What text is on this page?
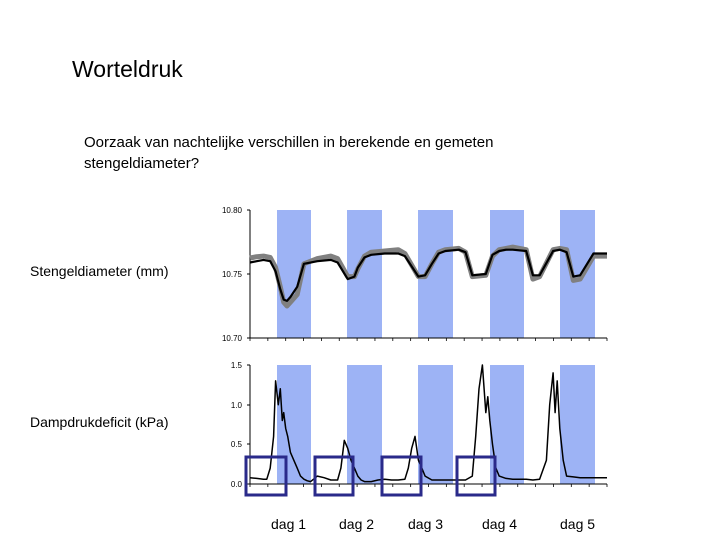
Worteldruk
Oorzaak van nachtelijke verschillen in berekende en gemeten stengeldiameter?
Stengeldiameter (mm)
Dampdrukdeficit (kPa)
dag 1 dag 2 dag 3	dag 4	dag 5
10.80
10.75
10.70
1.5
1.0
0.5
0.0
